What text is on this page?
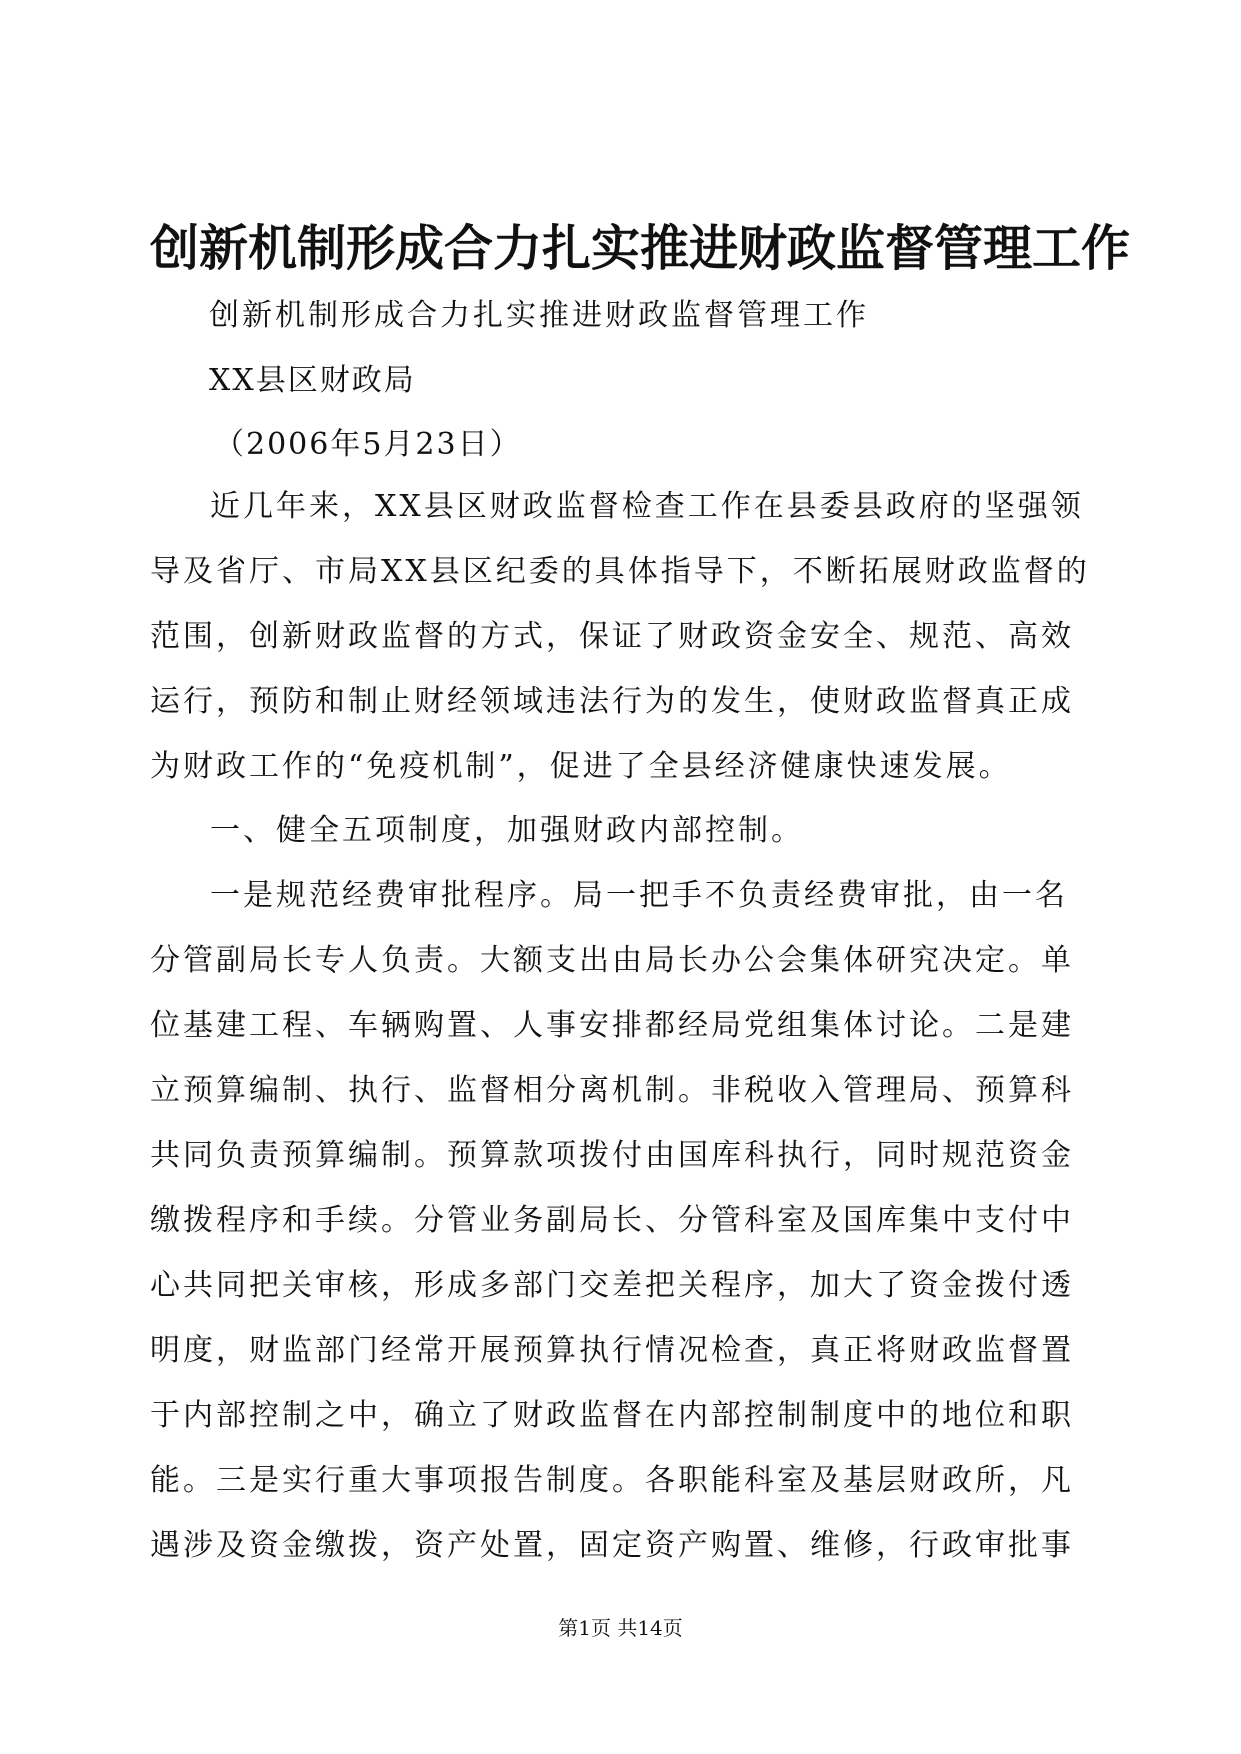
创新机制形成合力扎实推进财政监督管理工作
创新机制形成合力扎实推进财政监督管理工作
XX县区财政局
（2006年5月23日）

近几年来，XX县区财政监督检查工作在县委县政府的坚强领导及省厅、市局XX县区纪委的具体指导下，不断拓展财政监督的范围，创新财政监督的方式，保证了财政资金安全、规范、高效运行，预防和制止财经领域违法行为的发生，使财政监督真正成为财政工作的“免疫机制”，促进了全县经济健康快速发展。

一、健全五项制度，加强财政内部控制。

一是规范经费审批程序。局一把手不负责经费审批，由一名分管副局长专人负责。大额支出由局长办公会集体研究决定。单位基建工程、车辆购置、人事安排都经局党组集体讨论。二是建立预算编制、执行、监督相分离机制。非税收入管理局、预算科共同负责预算编制。预算款项拨付由国库科执行，同时规范资金缴拨程序和手续。分管业务副局长、分管科室及国库集中支付中心共同把关审核，形成多部门交差把关程序，加大了资金拨付透明度，财监部门经常开展预算执行情况检查，真正将财政监督置于内部控制之中，确立了财政监督在内部控制制度中的地位和职能。三是实行重大事项报告制度。各职能科室及基层财政所，凡遇涉及资金缴拨，资产处置，固定资产购置、维修，行政审批事

第1页 共14页
